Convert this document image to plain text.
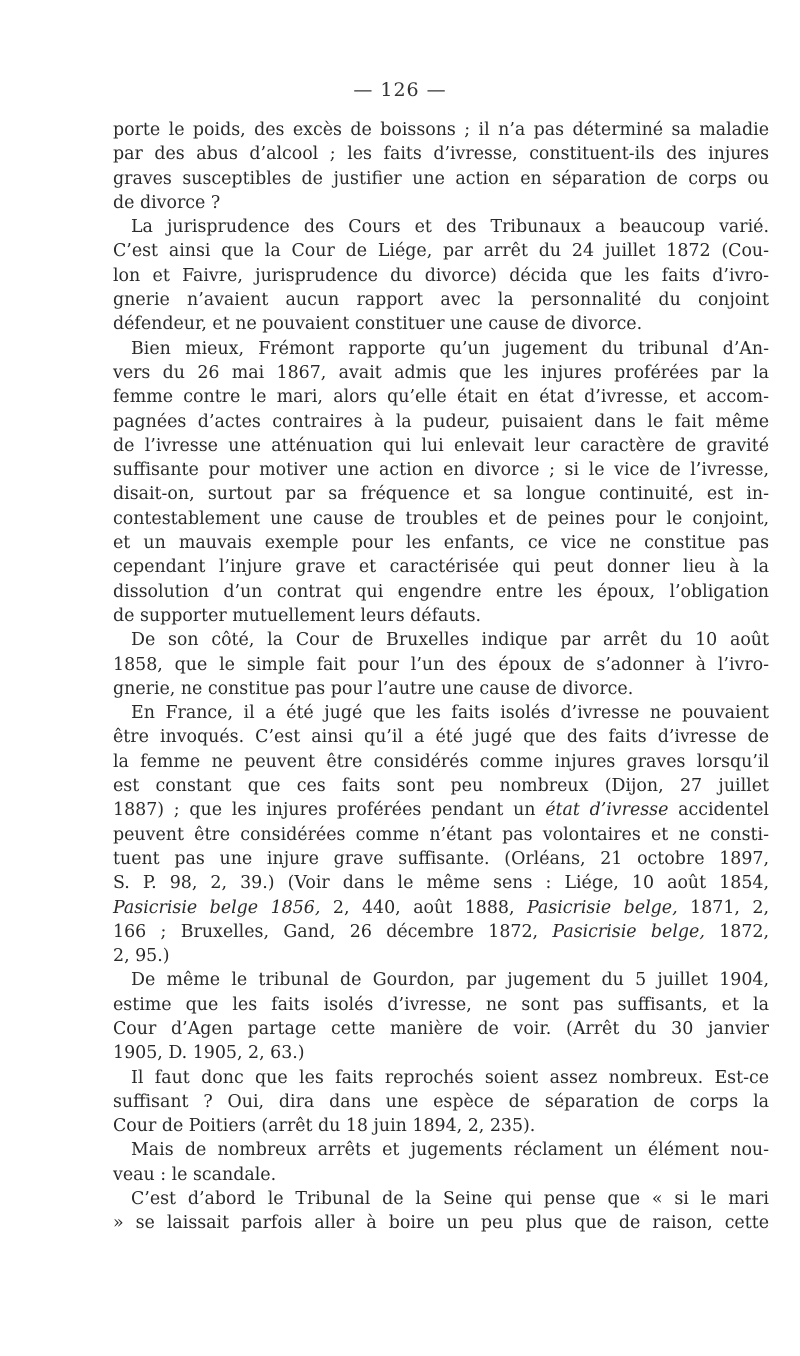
— 126 —
porte le poids, des excès de boissons ; il n’a pas déterminé sa maladie
par des abus d’alcool ; les faits d’ivresse, constituent-ils des injures
graves susceptibles de justifier une action en séparation de corps ou
de divorce ?
La jurisprudence des Cours et des Tribunaux a beaucoup varié.
C’est ainsi que la Cour de Liége, par arrêt du 24 juillet 1872 (Cou-
lon et Faivre, jurisprudence du divorce) décida que les faits d’ivro-
gnerie n’avaient aucun rapport avec la personnalité du conjoint
défendeur, et ne pouvaient constituer une cause de divorce.
Bien mieux, Frémont rapporte qu’un jugement du tribunal d’An-
vers du 26 mai 1867, avait admis que les injures proférées par la
femme contre le mari, alors qu’elle était en état d’ivresse, et accom-
pagnées d’actes contraires à la pudeur, puisaient dans le fait même
de l’ivresse une atténuation qui lui enlevait leur caractère de gravité
suffisante pour motiver une action en divorce ; si le vice de l’ivresse,
disait-on, surtout par sa fréquence et sa longue continuité, est in-
contestablement une cause de troubles et de peines pour le conjoint,
et un mauvais exemple pour les enfants, ce vice ne constitue pas
cependant l’injure grave et caractérisée qui peut donner lieu à la
dissolution d’un contrat qui engendre entre les époux, l’obligation
de supporter mutuellement leurs défauts.
De son côté, la Cour de Bruxelles indique par arrêt du 10 août
1858, que le simple fait pour l’un des époux de s’adonner à l’ivro-
gnerie, ne constitue pas pour l’autre une cause de divorce.
En France, il a été jugé que les faits isolés d’ivresse ne pouvaient
être invoqués. C’est ainsi qu’il a été jugé que des faits d’ivresse de
la femme ne peuvent être considérés comme injures graves lorsqu’il
est constant que ces faits sont peu nombreux (Dijon, 27 juillet
1887) ; que les injures proférées pendant un état d’ivresse accidentel
peuvent être considérées comme n’étant pas volontaires et ne consti-
tuent pas une injure grave suffisante. (Orléans, 21 octobre 1897,
S. P. 98, 2, 39.) (Voir dans le même sens : Liége, 10 août 1854,
Pasicrisie belge 1856, 2, 440, août 1888, Pasicrisie belge, 1871, 2,
166 ; Bruxelles, Gand, 26 décembre 1872, Pasicrisie belge, 1872,
2, 95.)
De même le tribunal de Gourdon, par jugement du 5 juillet 1904,
estime que les faits isolés d’ivresse, ne sont pas suffisants, et la
Cour d’Agen partage cette manière de voir. (Arrêt du 30 janvier
1905, D. 1905, 2, 63.)
Il faut donc que les faits reprochés soient assez nombreux. Est-ce
suffisant ? Oui, dira dans une espèce de séparation de corps la
Cour de Poitiers (arrêt du 18 juin 1894, 2, 235).
Mais de nombreux arrêts et jugements réclament un élément nou-
veau : le scandale.
C’est d’abord le Tribunal de la Seine qui pense que « si le mari
» se laissait parfois aller à boire un peu plus que de raison, cette
